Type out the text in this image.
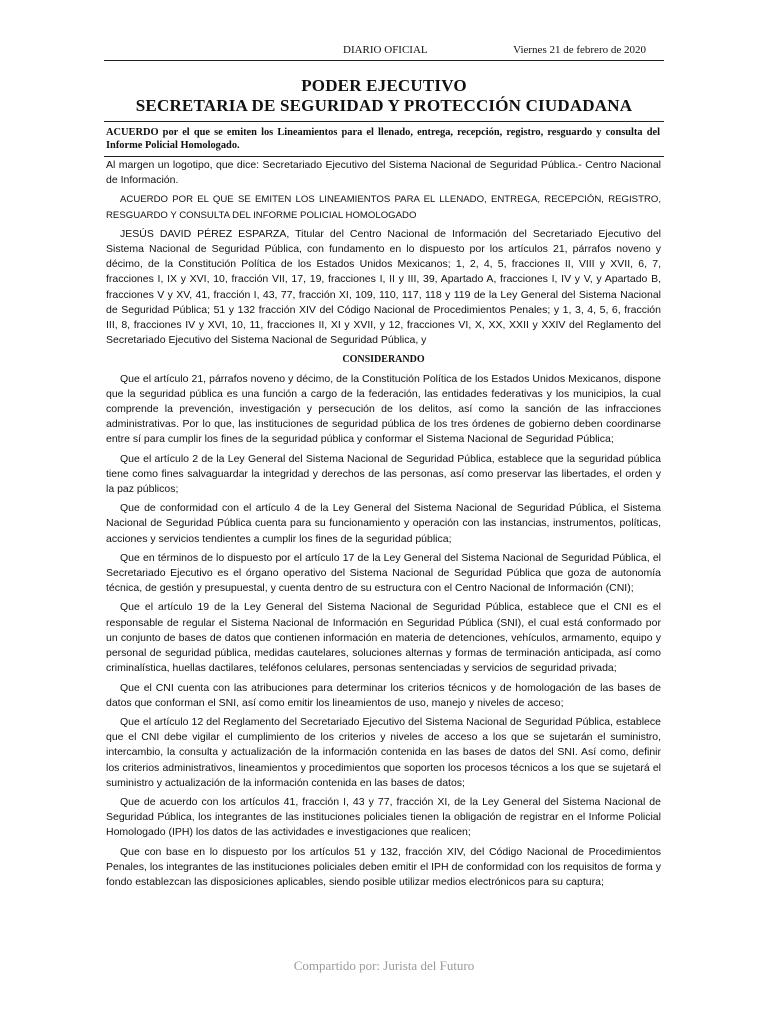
DIARIO OFICIAL	Viernes 21 de febrero de 2020
PODER EJECUTIVO
SECRETARIA DE SEGURIDAD Y PROTECCIÓN CIUDADANA
ACUERDO por el que se emiten los Lineamientos para el llenado, entrega, recepción, registro, resguardo y consulta del Informe Policial Homologado.

Al margen un logotipo, que dice: Secretariado Ejecutivo del Sistema Nacional de Seguridad Pública.- Centro Nacional de Información.

ACUERDO POR EL QUE SE EMITEN LOS LINEAMIENTOS PARA EL LLENADO, ENTREGA, RECEPCIÓN, REGISTRO, RESGUARDO Y CONSULTA DEL INFORME POLICIAL HOMOLOGADO

JESÚS DAVID PÉREZ ESPARZA, Titular del Centro Nacional de Información del Secretariado Ejecutivo del Sistema Nacional de Seguridad Pública, con fundamento en lo dispuesto por los artículos 21, párrafos noveno y décimo, de la Constitución Política de los Estados Unidos Mexicanos; 1, 2, 4, 5, fracciones II, VIII y XVII, 6, 7, fracciones I, IX y XVI, 10, fracción VII, 17, 19, fracciones I, II y III, 39, Apartado A, fracciones I, IV y V, y Apartado B, fracciones V y XV, 41, fracción I, 43, 77, fracción XI, 109, 110, 117, 118 y 119 de la Ley General del Sistema Nacional de Seguridad Pública; 51 y 132 fracción XIV del Código Nacional de Procedimientos Penales; y 1, 3, 4, 5, 6, fracción III, 8, fracciones IV y XVI, 10, 11, fracciones II, XI y XVII, y 12, fracciones VI, X, XX, XXII y XXIV del Reglamento del Secretariado Ejecutivo del Sistema Nacional de Seguridad Pública, y

CONSIDERANDO

Que el artículo 21, párrafos noveno y décimo, de la Constitución Política de los Estados Unidos Mexicanos, dispone que la seguridad pública es una función a cargo de la federación, las entidades federativas y los municipios, la cual comprende la prevención, investigación y persecución de los delitos, así como la sanción de las infracciones administrativas. Por lo que, las instituciones de seguridad pública de los tres órdenes de gobierno deben coordinarse entre sí para cumplir los fines de la seguridad pública y conformar el Sistema Nacional de Seguridad Pública;

Que el artículo 2 de la Ley General del Sistema Nacional de Seguridad Pública, establece que la seguridad pública tiene como fines salvaguardar la integridad y derechos de las personas, así como preservar las libertades, el orden y la paz públicos;

Que de conformidad con el artículo 4 de la Ley General del Sistema Nacional de Seguridad Pública, el Sistema Nacional de Seguridad Pública cuenta para su funcionamiento y operación con las instancias, instrumentos, políticas, acciones y servicios tendientes a cumplir los fines de la seguridad pública;

Que en términos de lo dispuesto por el artículo 17 de la Ley General del Sistema Nacional de Seguridad Pública, el Secretariado Ejecutivo es el órgano operativo del Sistema Nacional de Seguridad Pública que goza de autonomía técnica, de gestión y presupuestal, y cuenta dentro de su estructura con el Centro Nacional de Información (CNI);

Que el artículo 19 de la Ley General del Sistema Nacional de Seguridad Pública, establece que el CNI es el responsable de regular el Sistema Nacional de Información en Seguridad Pública (SNI), el cual está conformado por un conjunto de bases de datos que contienen información en materia de detenciones, vehículos, armamento, equipo y personal de seguridad pública, medidas cautelares, soluciones alternas y formas de terminación anticipada, así como criminalística, huellas dactilares, teléfonos celulares, personas sentenciadas y servicios de seguridad privada;

Que el CNI cuenta con las atribuciones para determinar los criterios técnicos y de homologación de las bases de datos que conforman el SNI, así como emitir los lineamientos de uso, manejo y niveles de acceso;

Que el artículo 12 del Reglamento del Secretariado Ejecutivo del Sistema Nacional de Seguridad Pública, establece que el CNI debe vigilar el cumplimiento de los criterios y niveles de acceso a los que se sujetarán el suministro, intercambio, la consulta y actualización de la información contenida en las bases de datos del SNI. Así como, definir los criterios administrativos, lineamientos y procedimientos que soporten los procesos técnicos a los que se sujetará el suministro y actualización de la información contenida en las bases de datos;

Que de acuerdo con los artículos 41, fracción I, 43 y 77, fracción XI, de la Ley General del Sistema Nacional de Seguridad Pública, los integrantes de las instituciones policiales tienen la obligación de registrar en el Informe Policial Homologado (IPH) los datos de las actividades e investigaciones que realicen;

Que con base en lo dispuesto por los artículos 51 y 132, fracción XIV, del Código Nacional de Procedimientos Penales, los integrantes de las instituciones policiales deben emitir el IPH de conformidad con los requisitos de forma y fondo establezcan las disposiciones aplicables, siendo posible utilizar medios electrónicos para su captura;

Compartido por: Jurista del Futuro
